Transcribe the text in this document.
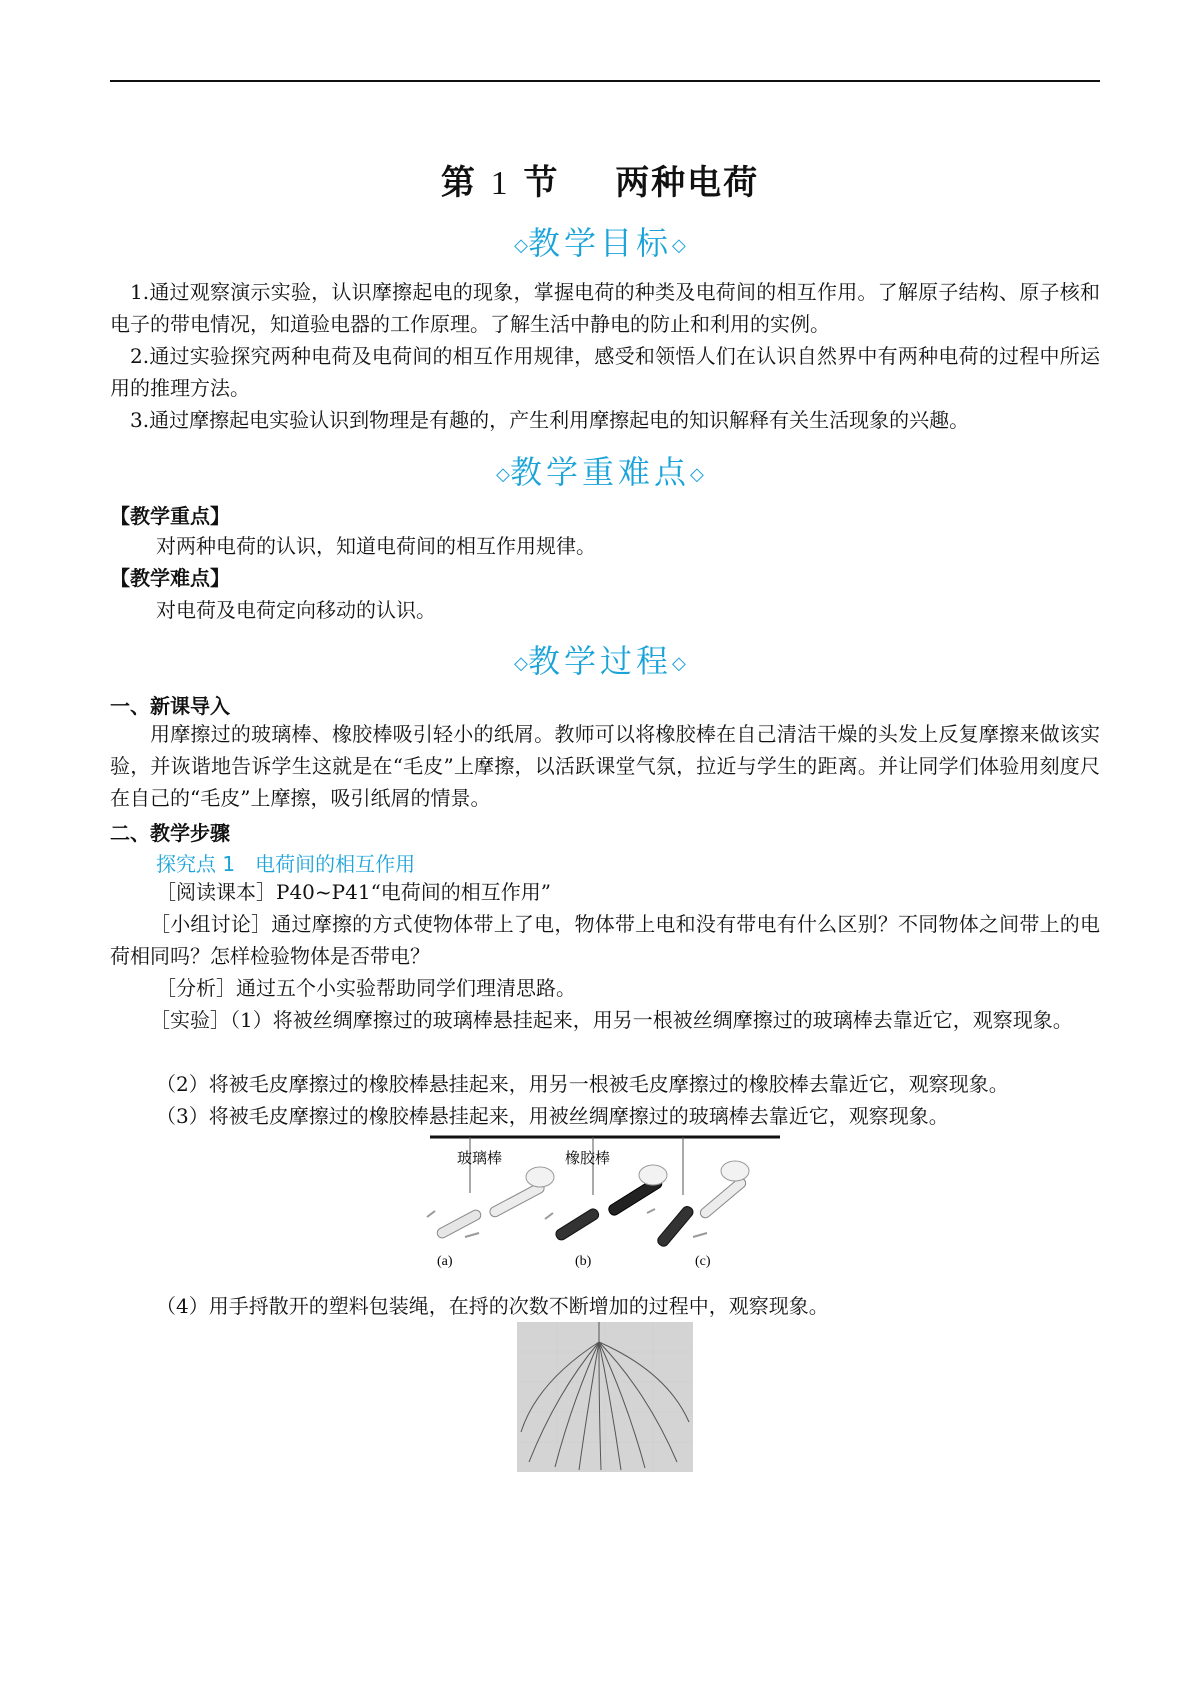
第 1 节 两种电荷
◇教学目标◇
1.通过观察演示实验，认识摩擦起电的现象，掌握电荷的种类及电荷间的相互作用。了解原子结构、原子核和电子的带电情况，知道验电器的工作原理。了解生活中静电的防止和利用的实例。
2.通过实验探究两种电荷及电荷间的相互作用规律，感受和领悟人们在认识自然界中有两种电荷的过程中所运用的推理方法。
3.通过摩擦起电实验认识到物理是有趣的，产生利用摩擦起电的知识解释有关生活现象的兴趣。
◇教学重难点◇
【教学重点】
对两种电荷的认识，知道电荷间的相互作用规律。
【教学难点】
对电荷及电荷定向移动的认识。
◇教学过程◇
一、新课导入
用摩擦过的玻璃棒、橡胶棒吸引轻小的纸屑。教师可以将橡胶棒在自己清洁干燥的头发上反复摩擦来做该实验，并诙谐地告诉学生这就是在“毛皮”上摩擦，以活跃课堂气氛，拉近与学生的距离。并让同学们体验用刻度尺在自己的“毛皮”上摩擦，吸引纸屑的情景。
二、教学步骤
探究点 1　电荷间的相互作用
［阅读课本］P40~P41“电荷间的相互作用”
［小组讨论］通过摩擦的方式使物体带上了电，物体带上电和没有带电有什么区别？不同物体之间带上的电荷相同吗？怎样检验物体是否带电？
［分析］通过五个小实验帮助同学们理清思路。
［实验］（1）将被丝绸摩擦过的玻璃棒悬挂起来，用另一根被丝绸摩擦过的玻璃棒去靠近它，观察现象。
（2）将被毛皮摩擦过的橡胶棒悬挂起来，用另一根被毛皮摩擦过的橡胶棒去靠近它，观察现象。
（3）将被毛皮摩擦过的橡胶棒悬挂起来，用被丝绸摩擦过的玻璃棒去靠近它，观察现象。
玻璃棒	橡胶棒
(a)	(b)	(c)
（4）用手捋散开的塑料包装绳，在捋的次数不断增加的过程中，观察现象。
